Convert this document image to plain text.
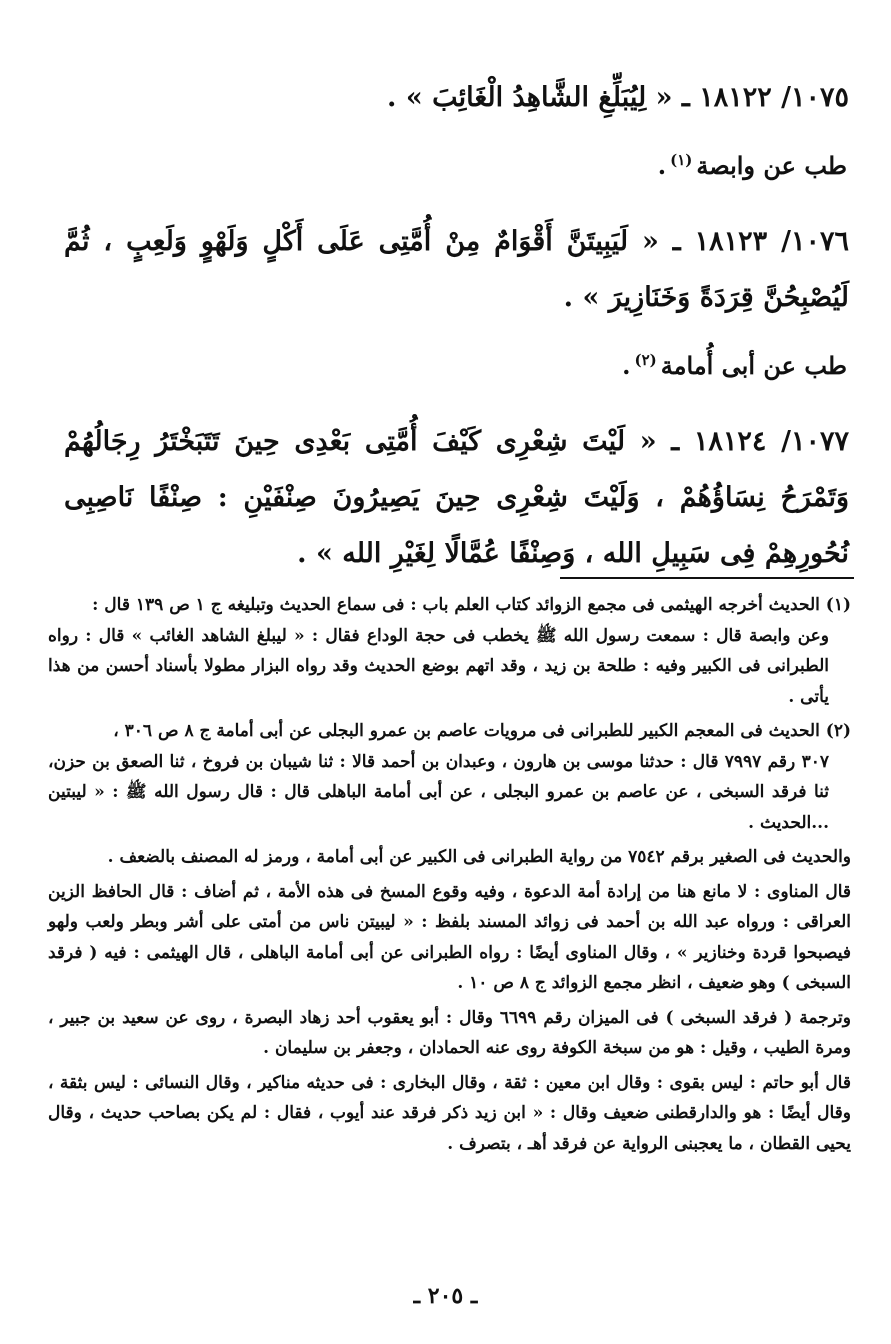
١٠٧٥/ ١٨١٢٢ ـ « لِيُبَلِّغِ الشَّاهِدُ الْغَائِبَ » .

طب عن وابصة$^{(١)}$.

١٠٧٦/ ١٨١٢٣ ـ « لَيَبِيتَنَّ أَقْوَامٌ مِنْ أُمَّتِى عَلَى أَكْلٍ وَلَهْوٍ وَلَعِبٍ ، ثُمَّ لَيُصْبِحُنَّ قِرَدَةً وَخَنَازِيرَ » .

طب عن أبى أُمامة$^{(٢)}$.

١٠٧٧/ ١٨١٢٤ ـ « لَيْتَ شِعْرِى كَيْفَ أُمَّتِى بَعْدِى حِينَ تَتَبَخْتَرُ رِجَالُهُمْ وَتَمْرَحُ نِسَاؤُهُمْ ، وَلَيْتَ شِعْرِى حِينَ يَصِيرُونَ صِنْفَيْنِ : صِنْفًا نَاصِبِى نُحُورِهِمْ فِى سَبِيلِ الله ، وَصِنْفًا عُمَّالًا لِغَيْرِ الله » .

(١) الحديث أخرجه الهيثمى فى مجمع الزوائد كتاب العلم باب : فى سماع الحديث وتبليغه ج ١ ص ١٣٩ قال :

وعن وابصة قال : سمعت رسول الله ﷺ يخطب فى حجة الوداع فقال : « ليبلغ الشاهد الغائب » قال : رواه الطبرانى فى الكبير وفيه : طلحة بن زيد ، وقد اتهم بوضع الحديث وقد رواه البزار مطولا بأسناد أحسن من هذا يأتى .

(٢) الحديث فى المعجم الكبير للطبرانى فى مرويات عاصم بن عمرو البجلى عن أبى أمامة ج ٨ ص ٣٠٦ ،

٣٠٧ رقم ٧٩٩٧ قال : حدثنا موسى بن هارون ، وعبدان بن أحمد قالا : ثنا شيبان بن فروخ ، ثنا الصعق بن حزن، ثنا فرقد السبخى ، عن عاصم بن عمرو البجلى ، عن أبى أمامة الباهلى قال : قال رسول الله ﷺ : « ليبتين ...الحديث .

والحديث فى الصغير برقم ٧٥٤٢ من رواية الطبرانى فى الكبير عن أبى أمامة ، ورمز له المصنف بالضعف .

قال المناوى : لا مانع هنا من إرادة أمة الدعوة ، وفيه وقوع المسخ فى هذه الأمة ، ثم أضاف : قال الحافظ الزين العراقى : ورواه عبد الله بن أحمد فى زوائد المسند بلفظ : « ليبيتن ناس من أمتى على أشر وبطر ولعب ولهو فيصبحوا قردة وخنازير » ، وقال المناوى أيضًا : رواه الطبرانى عن أبى أمامة الباهلى ، قال الهيثمى : فيه ( فرقد السبخى ) وهو ضعيف ، انظر مجمع الزوائد ج ٨ ص ١٠ .

وترجمة ( فرقد السبخى ) فى الميزان رقم ٦٦٩٩ وقال : أبو يعقوب أحد زهاد البصرة ، روى عن سعيد بن جبير ، ومرة الطيب ، وقيل : هو من سبخة الكوفة روى عنه الحمادان ، وجعفر بن سليمان .

قال أبو حاتم : ليس بقوى : وقال ابن معين : ثقة ، وقال البخارى : فى حديثه مناكير ، وقال النسائى : ليس بثقة ، وقال أيضًا : هو والدارقطنى ضعيف وقال : « ابن زيد ذكر فرقد عند أيوب ، فقال : لم يكن بصاحب حديث ، وقال يحيى القطان ، ما يعجبنى الرواية عن فرقد أهـ ، بتصرف .

ـ ٢٠٥ ـ
